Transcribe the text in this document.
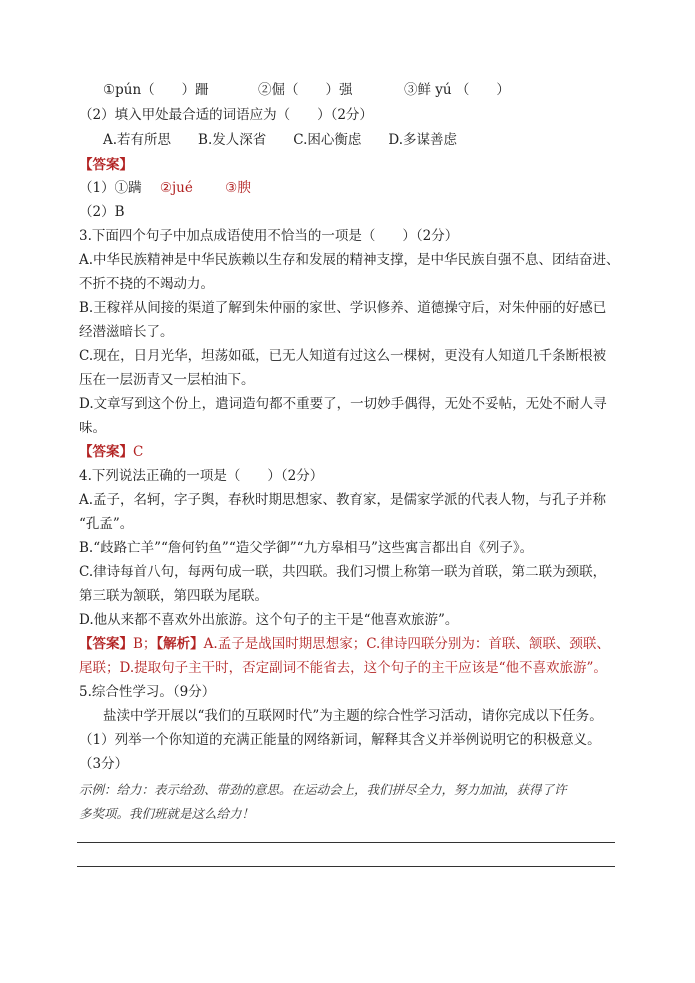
①pún（　　）跚	②倔（　　）强	③鲜 yú （　　）
（2）填入甲处最合适的词语应为（　　）（2分）
A.若有所思　　B.发人深省　　C.困心衡虑　　D.多谋善虑
【答案】
（1）①蹒 ②jué ③腴
（2）B
3.下面四个句子中加点成语使用不恰当的一项是（　　）（2分）
A.中华民族精神是中华民族赖以生存和发展的精神支撑，是中华民族自强不息、团结奋进、
不折不挠的不竭动力。
B.王稼祥从间接的渠道了解到朱仲丽的家世、学识修养、道德操守后，对朱仲丽的好感已
经潜滋暗长了。
C.现在，日月光华，坦荡如砥，已无人知道有过这么一棵树，更没有人知道几千条断根被
压在一层沥青又一层柏油下。
D.文章写到这个份上，遣词造句都不重要了，一切妙手偶得，无处不妥帖，无处不耐人寻
味。
【答案】C
4.下列说法正确的一项是（　　）（2分）
A.孟子，名轲，字子舆，春秋时期思想家、教育家，是儒家学派的代表人物，与孔子并称
“孔孟”。
B.“歧路亡羊”“詹何钓鱼”“造父学御”“九方皋相马”这些寓言都出自《列子》。
C.律诗每首八句，每两句成一联，共四联。我们习惯上称第一联为首联，第二联为颈联，
第三联为颔联，第四联为尾联。
D.他从来都不喜欢外出旅游。这个句子的主干是“他喜欢旅游”。
【答案】B；【解析】A.孟子是战国时期思想家；C.律诗四联分别为：首联、颔联、颈联、
尾联；D.提取句子主干时，否定副词不能省去，这个句子的主干应该是“他不喜欢旅游”。
5.综合性学习。（9分）
盐渎中学开展以“我们的互联网时代”为主题的综合性学习活动，请你完成以下任务。
（1）列举一个你知道的充满正能量的网络新词，解释其含义并举例说明它的积极意义。
（3分）
示例：给力：表示给劲、带劲的意思。在运动会上，我们拼尽全力，努力加油，获得了许
多奖项。我们班就是这么给力！
